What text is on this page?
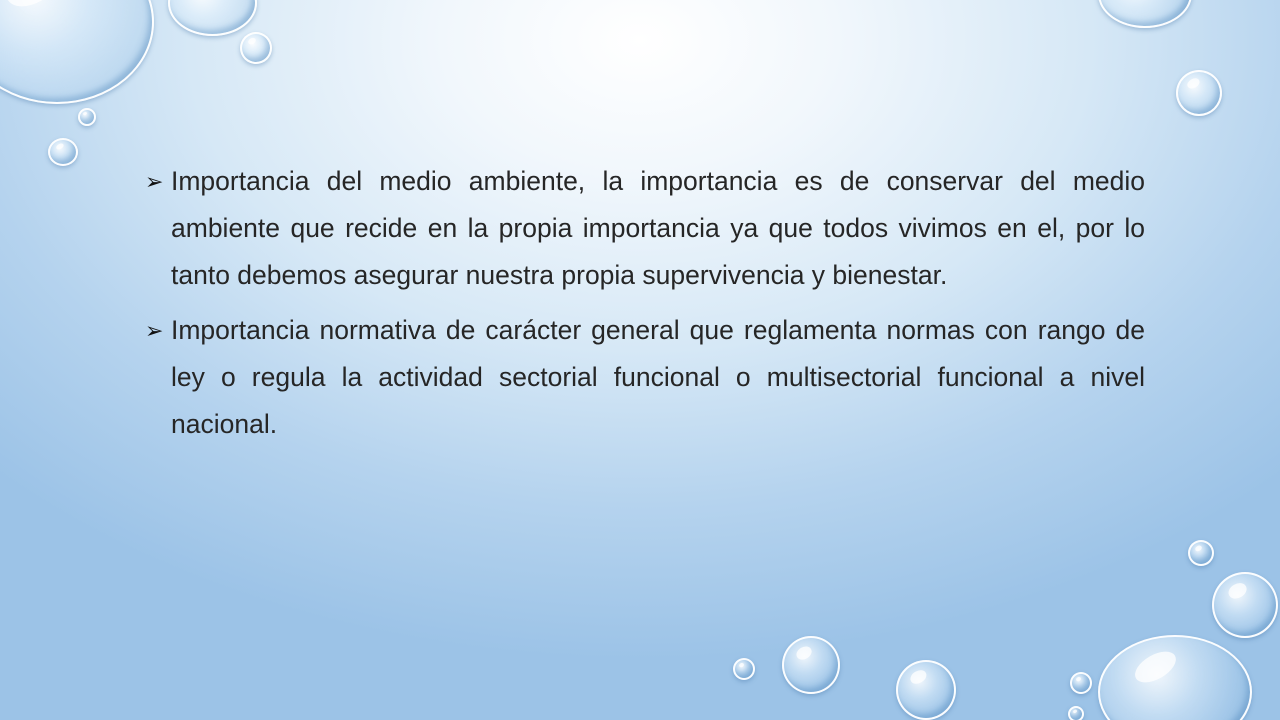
➢ Importancia del medio ambiente, la importancia es de conservar del medio ambiente que recide en la propia importancia ya que todos vivimos en el, por lo tanto debemos asegurar nuestra propia supervivencia y bienestar.
➢ Importancia normativa de carácter general que reglamenta normas con rango de ley o regula la actividad sectorial funcional o multisectorial funcional a nivel nacional.
